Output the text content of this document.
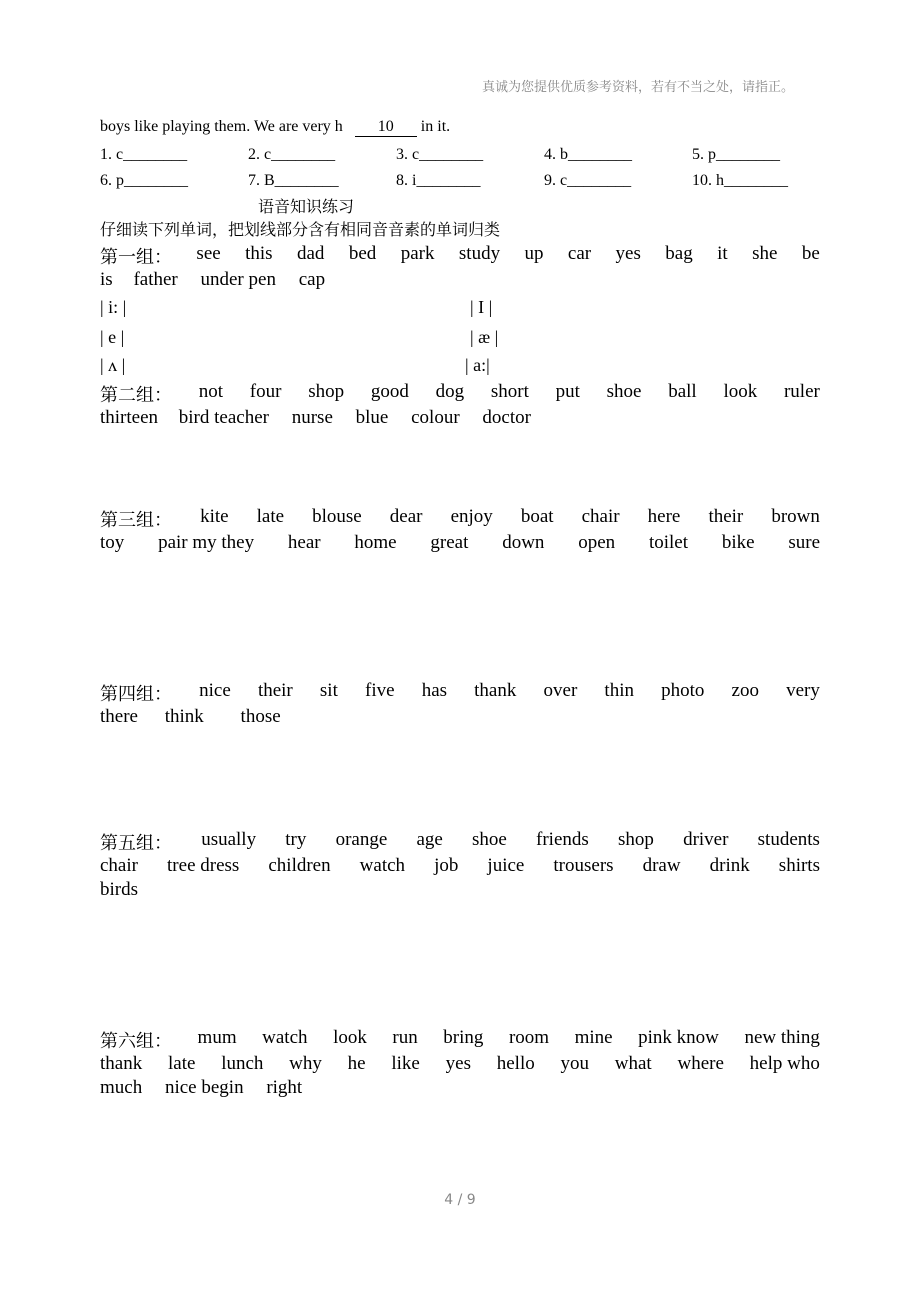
真诚为您提供优质参考资料，若有不当之处，请指正。
boys like playing them. We are very h 10 in it.
1. c________	2. c________	3. c________	4. b________	5. p________
6. p________	7. B________	8. i________	9. c________	10. h________
语音知识练习
仔细读下列单词，把划线部分含有相同音音素的单词归类
第一组： see this dad bed park study up car yes bag it she be
is father under pen cap
| i: |	| I |
| e |	| æ |
| ʌ |	| a:|
第二组： not four shop good dog short put shoe ball look ruler
thirteen bird teacher nurse blue colour doctor
第三组： kite late blouse dear enjoy boat chair here their brown
toy pair my they hear home great down open toilet bike sure
第四组： nice their sit five has thank over thin photo zoo very
there think those
第五组： usually try orange age shoe friends shop driver students
chair tree dress children watch job juice trousers draw drink shirts
birds
第六组： mum watch look run bring room mine pink know new thing
thank late lunch why he like yes hello you what where help who
much nice begin right
4 / 9
